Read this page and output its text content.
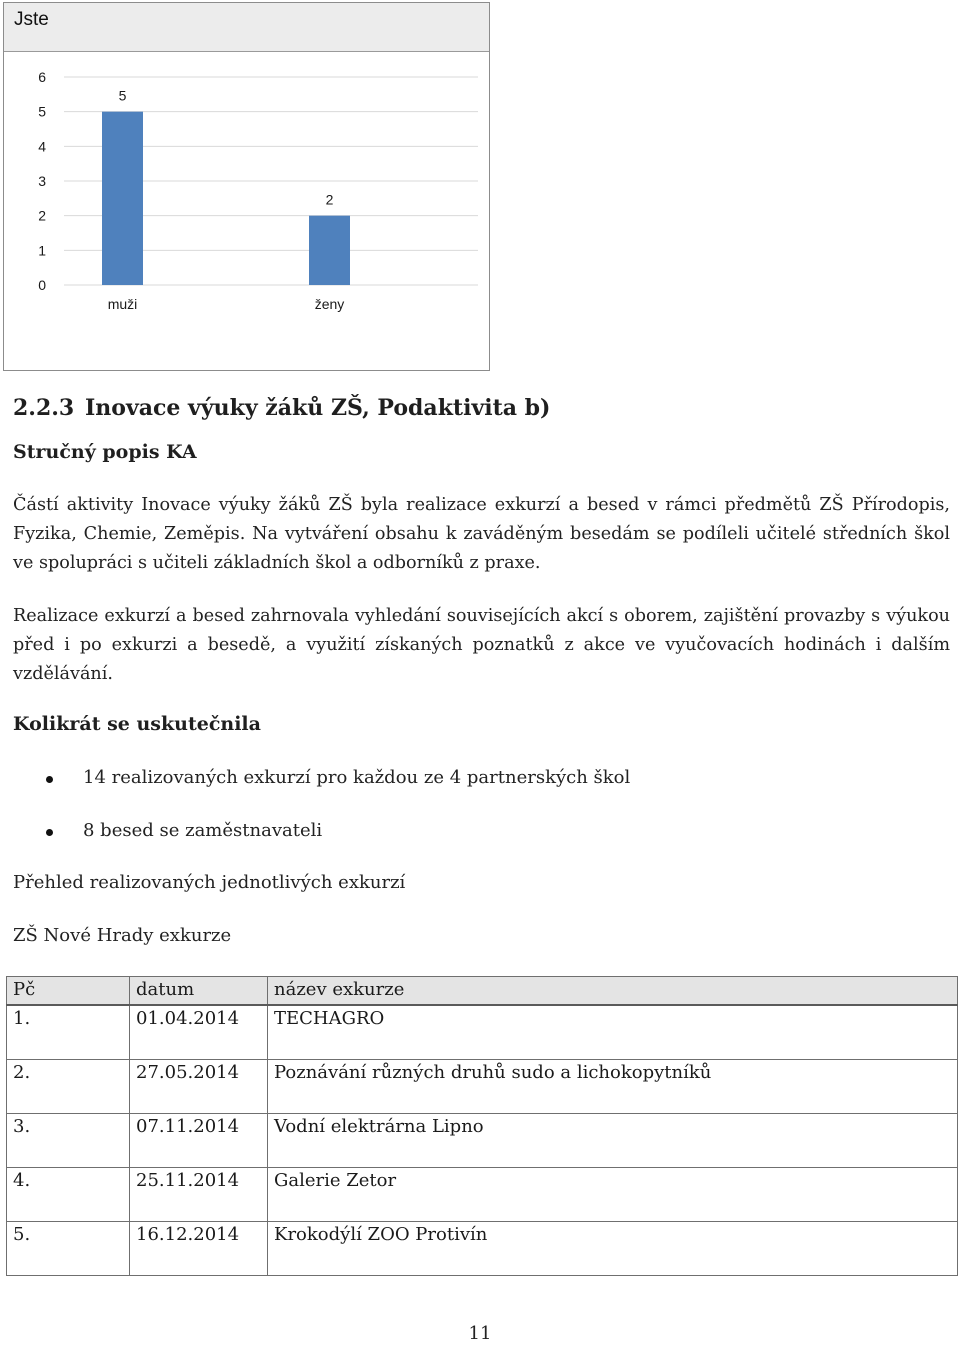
Jste
0
1
2
3
4
5
6
5
muži
2
ženy
2.2.3 Inovace výuky žáků ZŠ, Podaktivita b)
Stručný popis KA
Částí aktivity Inovace výuky žáků ZŠ byla realizace exkurzí a besed v rámci předmětů ZŠ Přírodopis, Fyzika, Chemie, Zeměpis. Na vytváření obsahu k zaváděným besedám se podíleli učitelé středních škol ve spolupráci s učiteli základních škol a odborníků z praxe.
Realizace exkurzí a besed zahrnovala vyhledání souvisejících akcí s oborem, zajištění provazby s výukou před i po exkurzi a besedě, a využití získaných poznatků z akce ve vyučovacích hodinách i dalším vzdělávání.
Kolikrát se uskutečnila
14 realizovaných exkurzí pro každou ze 4 partnerských škol
8 besed se zaměstnavateli
Přehled realizovaných jednotlivých exkurzí
ZŠ Nové Hrady exkurze
Pč	datum	název exkurze
1.	01.04.2014	TECHAGRO
2.	27.05.2014	Poznávání různých druhů sudo a lichokopytníků
3.	07.11.2014	Vodní elektrárna Lipno
4.	25.11.2014	Galerie Zetor
5.	16.12.2014	Krokodýlí ZOO Protivín
11
